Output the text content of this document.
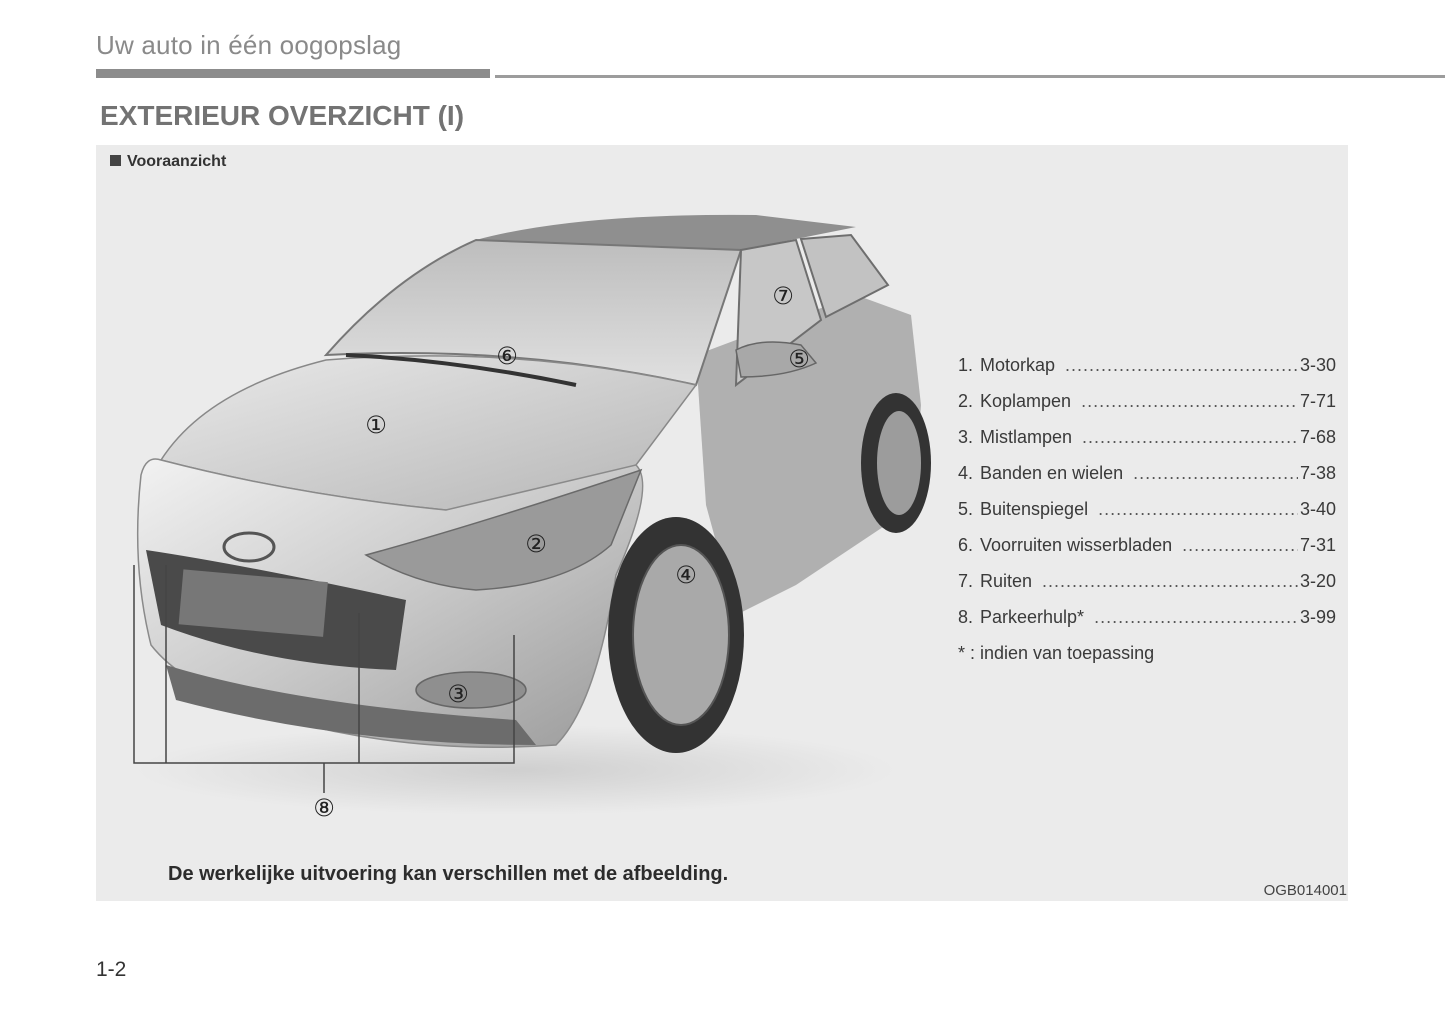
Uw auto in één oogopslag
EXTERIEUR OVERZICHT (I)
Vooraanzicht
①
②
③
④
⑤
⑥
⑦
⑧
1. Motorkap .....	3-30
2. Koplampen .....	7-71
3. Mistlampen .....	7-68
4. Banden en wielen .....	7-38
5. Buitenspiegel .....	3-40
6. Voorruiten wisserbladen .....	7-31
7. Ruiten .....	3-20
8. Parkeerhulp* .....	3-99
* : indien van toepassing
De werkelijke uitvoering kan verschillen met de afbeelding.
OGB014001
1-2
